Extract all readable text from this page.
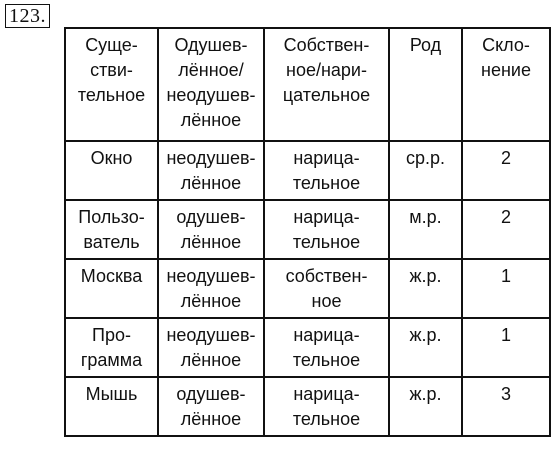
123.
Суще-
стви-
тельное	Одушев-
лённое/
неодушев-
лённое	Собствен-
ное/нари-
цательное	Род	Скло-
нение

Окно	неодушев-
лённое	нарица-
тельное	ср.р.	2

Пользо-
ватель	одушев-
лённое	нарица-
тельное	м.р.	2

Москва	неодушев-
лённое	собствен-
ное	ж.р.	1

Про-
грамма	неодушев-
лённое	нарица-
тельное	ж.р.	1

Мышь	одушев-
лённое	нарица-
тельное	ж.р.	3
